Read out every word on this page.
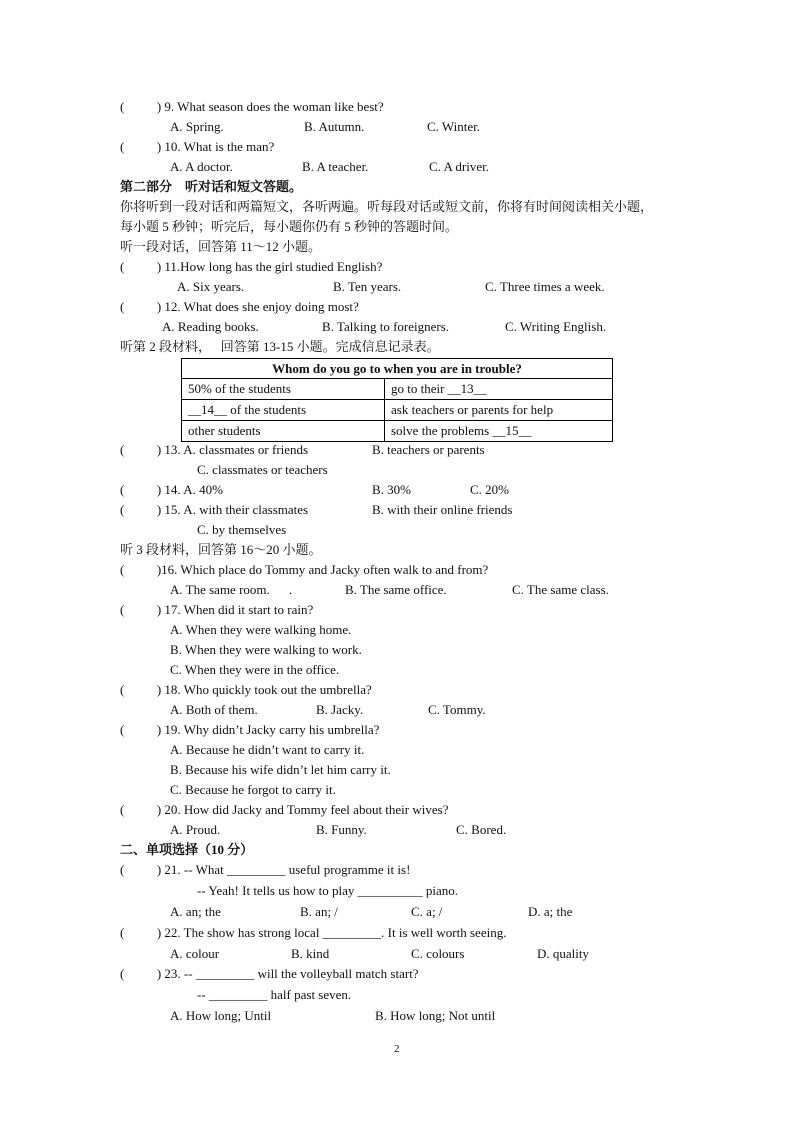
(          ) 9. What season does the woman like best?
A. Spring.	B. Autumn.	C. Winter.
(          ) 10. What is the man?
A. A doctor.	B. A teacher.	C. A driver.
第二部分    听对话和短文答题。
你将听到一段对话和两篇短文，各听两遍。听每段对话或短文前，你将有时间阅读相关小题，
每小题 5 秒钟；听完后，每小题你仍有 5 秒钟的答题时间。
听一段对话，回答第 11～12 小题。
(          ) 11.How long has the girl studied English?
A. Six years.	B. Ten years.	C. Three times a week.
(          ) 12. What does she enjoy doing most?
A. Reading books.	B. Talking to foreigners.	C. Writing English.
听第 2 段材料，   回答第 13-15 小题。完成信息记录表。
(          ) 13. A. classmates or friends	B. teachers or parents
C. classmates or teachers
(          ) 14. A. 40%	B. 30%	C. 20%
(          ) 15. A. with their classmates	B. with their online friends
C. by themselves
听 3 段材料，回答第 16～20 小题。
(          )16. Which place do Tommy and Jacky often walk to and from?
A. The same room. .	B. The same office.	C. The same class.
(          ) 17. When did it start to rain?
A. When they were walking home.
B. When they were walking to work.
C. When they were in the office.
(          ) 18. Who quickly took out the umbrella?
A. Both of them.	B. Jacky.	C. Tommy.
(          ) 19. Why didn’t Jacky carry his umbrella?
A. Because he didn’t want to carry it.
B. Because his wife didn’t let him carry it.
C. Because he forgot to carry it.
(          ) 20. How did Jacky and Tommy feel about their wives?
A. Proud.	B. Funny.	C. Bored.
二、单项选择（10 分）
(          ) 21. -- What _________ useful programme it is!
-- Yeah! It tells us how to play __________ piano.
A. an; the	B. an; /	C. a; /	D. a; the
(          ) 22. The show has strong local _________. It is well worth seeing.
A. colour	B. kind	C. colours	D. quality
(          ) 23. -- _________ will the volleyball match start?
-- _________ half past seven.
A. How long; Until	B. How long; Not until
Whom do you go to when you are in trouble?	
50% of the students	go to their __13__
__14__ of the students	ask teachers or parents for help
other students	solve the problems __15__
2
